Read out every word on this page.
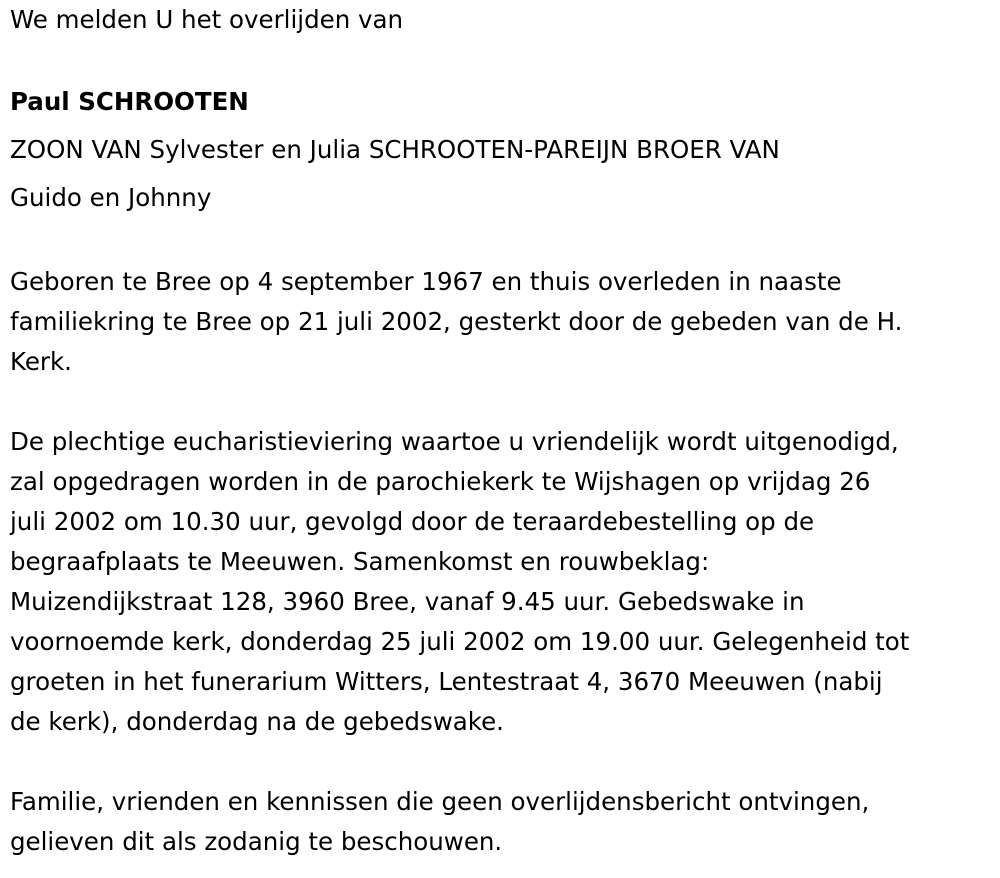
We melden U het overlijden van

Paul SCHROOTEN

ZOON VAN Sylvester en Julia SCHROOTEN-PAREIJN BROER VAN

Guido en Johnny

Geboren te Bree op 4 september 1967 en thuis overleden in naaste
familiekring te Bree op 21 juli 2002, gesterkt door de gebeden van de H.
Kerk.
De plechtige eucharistieviering waartoe u vriendelijk wordt uitgenodigd,
zal opgedragen worden in de parochiekerk te Wijshagen op vrijdag 26
juli 2002 om 10.30 uur, gevolgd door de teraardebestelling op de
begraafplaats te Meeuwen. Samenkomst en rouwbeklag:
Muizendijkstraat 128, 3960 Bree, vanaf 9.45 uur. Gebedswake in
voornoemde kerk, donderdag 25 juli 2002 om 19.00 uur. Gelegenheid tot
groeten in het funerarium Witters, Lentestraat 4, 3670 Meeuwen (nabij
de kerk), donderdag na de gebedswake.
Familie, vrienden en kennissen die geen overlijdensbericht ontvingen,
gelieven dit als zodanig te beschouwen.
